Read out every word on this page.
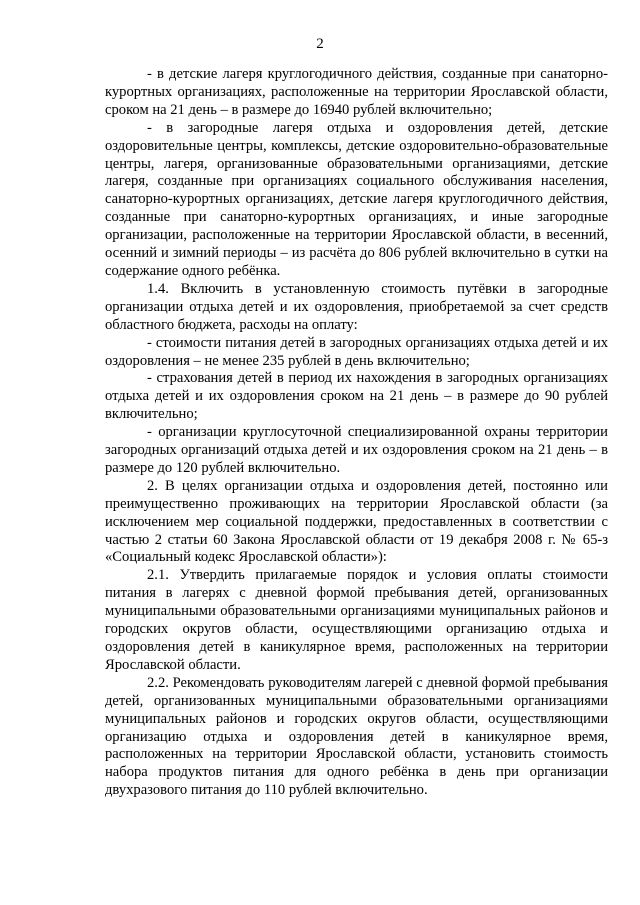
2

- в детские лагеря круглогодичного действия, созданные при санаторно-курортных организациях, расположенные на территории Ярославской области, сроком на 21 день – в размере до 16940 рублей включительно;

- в загородные лагеря отдыха и оздоровления детей, детские оздоровительные центры, комплексы, детские оздоровительно-образовательные центры, лагеря, организованные образовательными организациями, детские лагеря, созданные при организациях социального обслуживания населения, санаторно-курортных организациях, детские лагеря круглогодичного действия, созданные при санаторно-курортных организациях, и иные загородные организации, расположенные на территории Ярославской области, в весенний, осенний и зимний периоды – из расчёта до 806 рублей включительно в сутки на содержание одного ребёнка.

1.4. Включить в установленную стоимость путёвки в загородные организации отдыха детей и их оздоровления, приобретаемой за счет средств областного бюджета, расходы на оплату:

- стоимости питания детей в загородных организациях отдыха детей и их оздоровления – не менее 235 рублей в день включительно;

- страхования детей в период их нахождения в загородных организациях отдыха детей и их оздоровления сроком на 21 день – в размере до 90 рублей включительно;

- организации круглосуточной специализированной охраны территории загородных организаций отдыха детей и их оздоровления сроком на 21 день – в размере до 120 рублей включительно.

2. В целях организации отдыха и оздоровления детей, постоянно или преимущественно проживающих на территории Ярославской области (за исключением мер социальной поддержки, предоставленных в соответствии с частью 2 статьи 60 Закона Ярославской области от 19 декабря 2008 г. № 65-з «Социальный кодекс Ярославской области»):

2.1. Утвердить прилагаемые порядок и условия оплаты стоимости питания в лагерях с дневной формой пребывания детей, организованных муниципальными образовательными организациями муниципальных районов и городских округов области, осуществляющими организацию отдыха и оздоровления детей в каникулярное время, расположенных на территории Ярославской области.

2.2. Рекомендовать руководителям лагерей с дневной формой пребывания детей, организованных муниципальными образовательными организациями муниципальных районов и городских округов области, осуществляющими организацию отдыха и оздоровления детей в каникулярное время, расположенных на территории Ярославской области, установить стоимость набора продуктов питания для одного ребёнка в день при организации двухразового питания до 110 рублей включительно.
